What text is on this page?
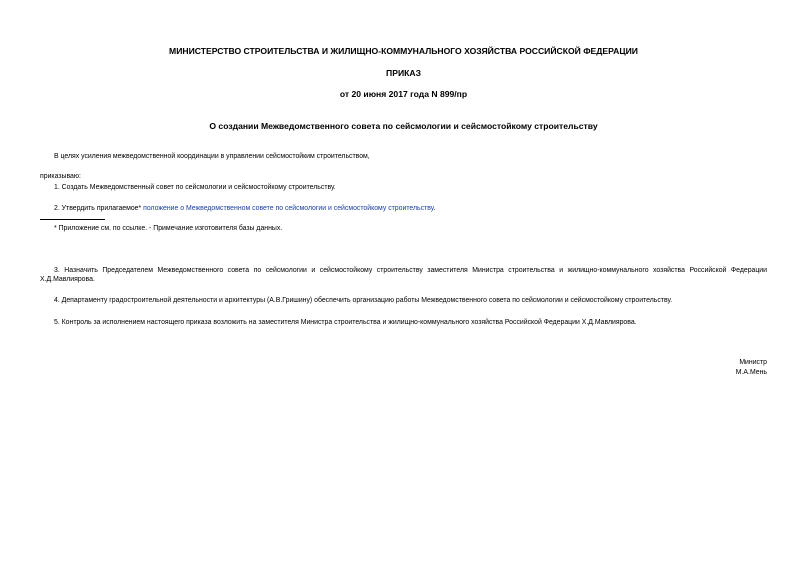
МИНИСТЕРСТВО СТРОИТЕЛЬСТВА И ЖИЛИЩНО-КОММУНАЛЬНОГО ХОЗЯЙСТВА РОССИЙСКОЙ ФЕДЕРАЦИИ
ПРИКАЗ
от 20 июня 2017 года N 899/пр
О создании Межведомственного совета по сейсмологии и сейсмостойкому строительству
В целях усиления межведомственной координации в управлении сейсмостойким строительством,
приказываю:
1. Создать Межведомственный совет по сейсмологии и сейсмостойкому строительству.
2. Утвердить прилагаемое* положение о Межведомственном совете по сейсмологии и сейсмостойкому строительству.
* Приложение см. по ссылке. - Примечание изготовителя базы данных.
3. Назначить Председателем Межведомственного совета по сейсмологии и сейсмостойкому строительству заместителя Министра строительства и жилищно-коммунального хозяйства Российской Федерации Х.Д.Мавлиярова.
4. Департаменту градостроительной деятельности и архитектуры (А.В.Гришину) обеспечить организацию работы Межведомственного совета по сейсмологии и сейсмостойкому строительству.
5. Контроль за исполнением настоящего приказа возложить на заместителя Министра строительства и жилищно-коммунального хозяйства Российской Федерации Х.Д.Мавлиярова.
Министр
М.А.Мень
